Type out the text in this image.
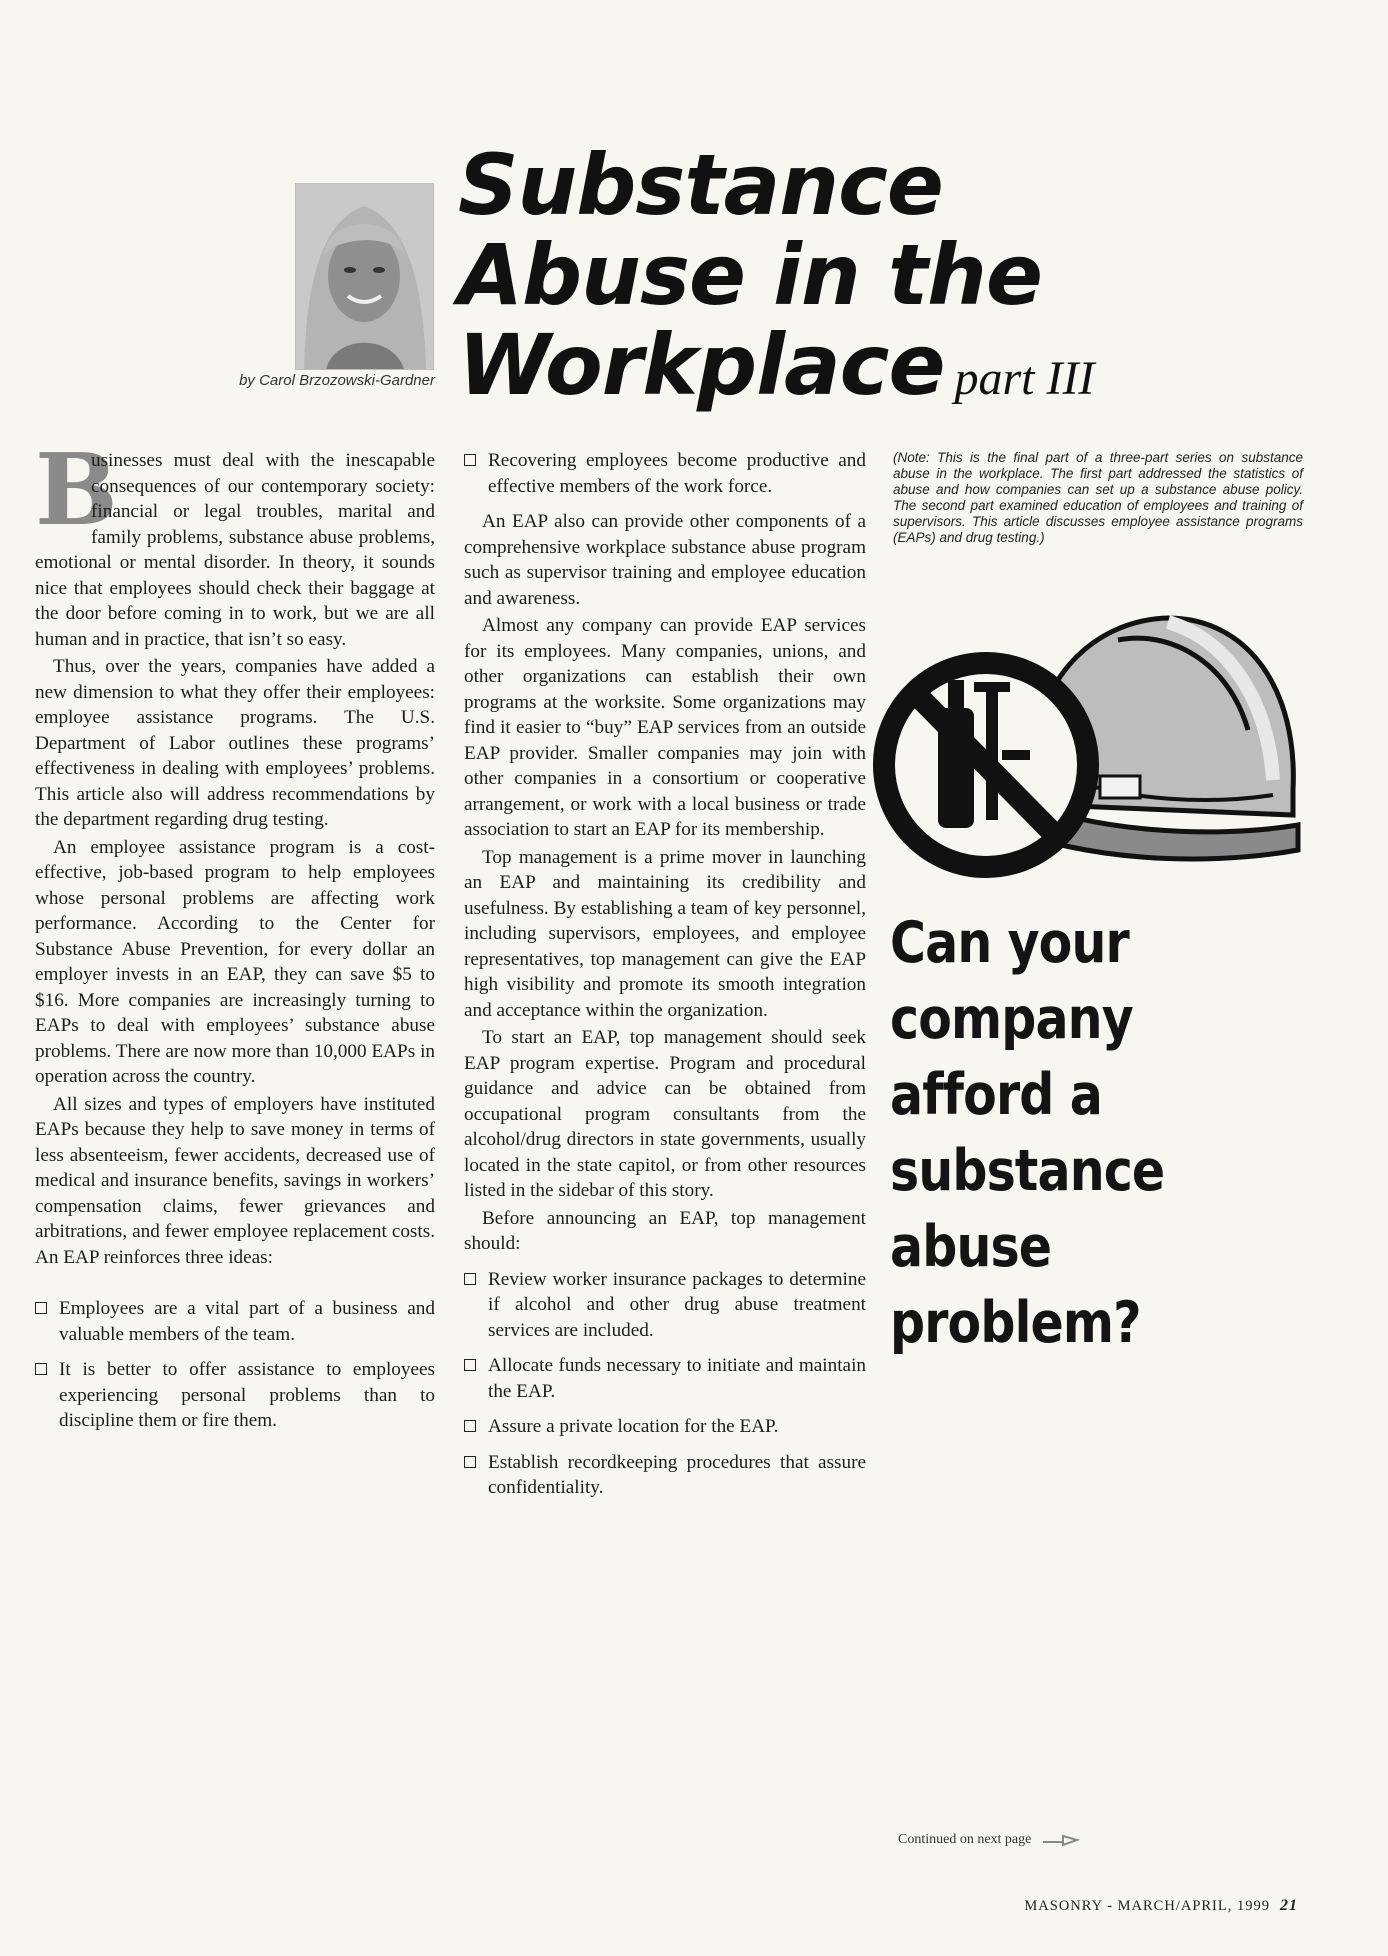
by Carol Brzozowski-Gardner
Substance
Abuse in the
Workplace part III

B
usinesses must deal with the inescapable consequences of our contemporary society: financial or legal troubles, marital and family problems, substance abuse problems, emotional or mental disorder. In theory, it sounds nice that employees should check their baggage at the door before coming in to work, but we are all human and in practice, that isn’t so easy.

Thus, over the years, companies have added a new dimension to what they offer their employees: employee assistance programs. The U.S. Department of Labor outlines these programs’ effectiveness in dealing with employees’ problems. This article also will address recommendations by the department regarding drug testing.

An employee assistance program is a cost-effective, job-based program to help employees whose personal problems are affecting work performance. According to the Center for Substance Abuse Prevention, for every dollar an employer invests in an EAP, they can save $5 to $16. More companies are increasingly turning to EAPs to deal with employees’ substance abuse problems. There are now more than 10,000 EAPs in operation across the country.

All sizes and types of employers have instituted EAPs because they help to save money in terms of less absenteeism, fewer accidents, decreased use of medical and insurance benefits, savings in workers’ compensation claims, fewer grievances and arbitrations, and fewer employee replacement costs. An EAP reinforces three ideas:

Employees are a vital part of a business and valuable members of the team.
It is better to offer assistance to employees experiencing personal problems than to discipline them or fire them.
Recovering employees become productive and effective members of the work force.

An EAP also can provide other components of a comprehensive workplace substance abuse program such as supervisor training and employee education and awareness.

Almost any company can provide EAP services for its employees. Many companies, unions, and other organizations can establish their own programs at the worksite. Some organizations may find it easier to “buy” EAP services from an outside EAP provider. Smaller companies may join with other companies in a consortium or cooperative arrangement, or work with a local business or trade association to start an EAP for its membership.

Top management is a prime mover in launching an EAP and maintaining its credibility and usefulness. By establishing a team of key personnel, including supervisors, employees, and employee representatives, top management can give the EAP high visibility and promote its smooth integration and acceptance within the organization.

To start an EAP, top management should seek EAP program expertise. Program and procedural guidance and advice can be obtained from occupational program consultants from the alcohol/drug directors in state governments, usually located in the state capitol, or from other resources listed in the sidebar of this story.

Before announcing an EAP, top management should:

Review worker insurance packages to determine if alcohol and other drug abuse treatment services are included.
Allocate funds necessary to initiate and maintain the EAP.
Assure a private location for the EAP.
Establish recordkeeping procedures that assure confidentiality.
(Note: This is the final part of a three-part series on substance abuse in the workplace. The first part addressed the statistics of abuse and how companies can set up a substance abuse policy. The second part examined education of employees and training of supervisors. This article discusses employee assistance programs (EAPs) and drug testing.)
Can your
company
afford a
substance
abuse
problem?
Continued on next page
MASONRY - MARCH/APRIL, 1999 21
